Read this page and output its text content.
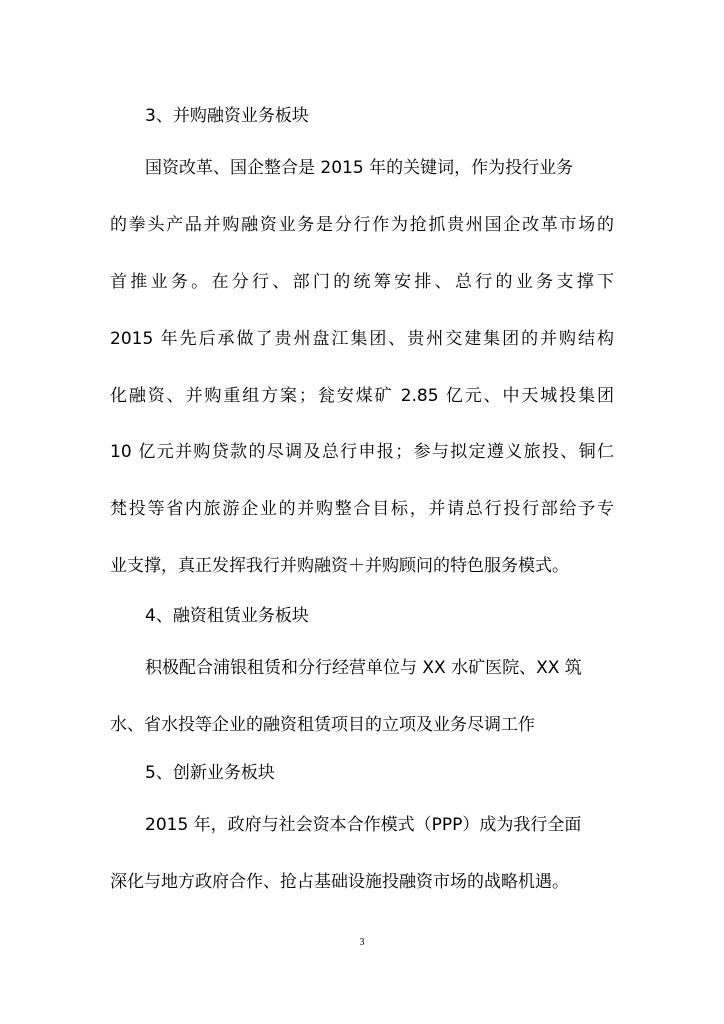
3、并购融资业务板块
国资改革、国企整合是 2015 年的关键词，作为投行业务
的拳头产品并购融资业务是分行作为抢抓贵州国企改革市场的
首推业务。在分行、部门的统筹安排、总行的业务支撑下
2015 年先后承做了贵州盘江集团、贵州交建集团的并购结构
化融资、并购重组方案；瓮安煤矿 2.85 亿元、中天城投集团
10 亿元并购贷款的尽调及总行申报；参与拟定遵义旅投、铜仁
梵投等省内旅游企业的并购整合目标，并请总行投行部给予专
业支撑，真正发挥我行并购融资＋并购顾问的特色服务模式。
4、融资租赁业务板块
积极配合浦银租赁和分行经营单位与 XX 水矿医院、XX 筑
水、省水投等企业的融资租赁项目的立项及业务尽调工作
5、创新业务板块
2015 年，政府与社会资本合作模式（PPP）成为我行全面
深化与地方政府合作、抢占基础设施投融资市场的战略机遇。
3
